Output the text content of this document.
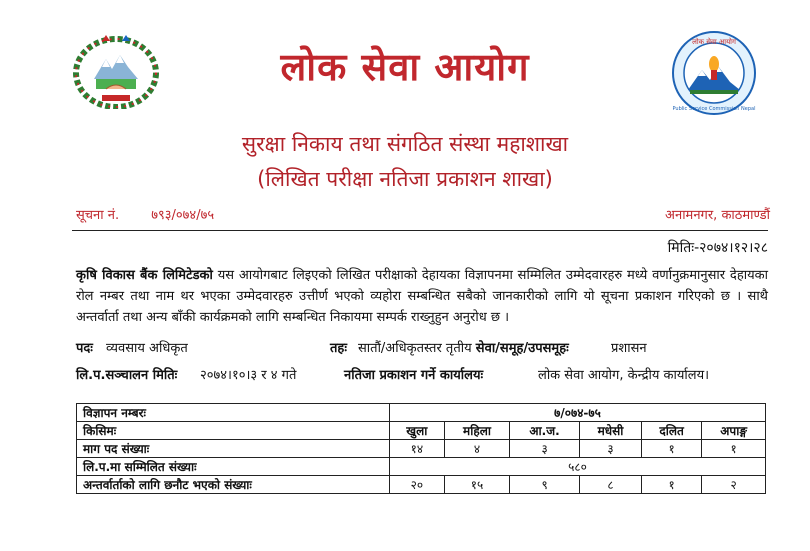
लोक सेवा आयोग
लोक सेवा आयोग
Public Service Commission Nepal
सुरक्षा निकाय तथा संगठित संस्था महाशाखा
(लिखित परीक्षा नतिजा प्रकाशन शाखा)
सूचना नं. ७९३/०७४/७५	अनामनगर, काठमाण्डौं
मितिः-२०७४।१२।२८
कृषि विकास बैंक लिमिटेडको यस आयोगबाट लिइएको लिखित परीक्षाको देहायका विज्ञापनमा सम्मिलित उम्मेदवारहरु मध्ये वर्णानुक्रमानुसार देहायका रोल नम्बर तथा नाम थर भएका उम्मेदवारहरु उत्तीर्ण भएको व्यहोरा सम्बन्धित सबैको जानकारीको लागि यो सूचना प्रकाशन गरिएको छ । साथै अन्तर्वार्ता तथा अन्य बाँकी कार्यक्रमको लागि सम्बन्धित निकायमा सम्पर्क राख्नुहुन अनुरोध छ ।
पदः व्यवसाय अधिकृत	तहः सातौं/अधिकृतस्तर तृतीय सेवा/समूह/उपसमूहः	प्रशासन
लि.प.सञ्चालन मितिः २०७४।१०।३ र ४ गते	नतिजा प्रकाशन गर्ने कार्यालयः	लोक सेवा आयोग, केन्द्रीय कार्यालय।
विज्ञापन नम्बरः	७/०७४-७५					
किसिमः	खुला	महिला	आ.ज.	मधेसी	दलित	अपाङ्ग
माग पद संख्याः	१४	४	३	३	१	१
लि.प.मा सम्मिलित संख्याः	५८०					
अन्तर्वार्ताको लागि छनौट भएको संख्याः	२०	१५	९	८	१	२
